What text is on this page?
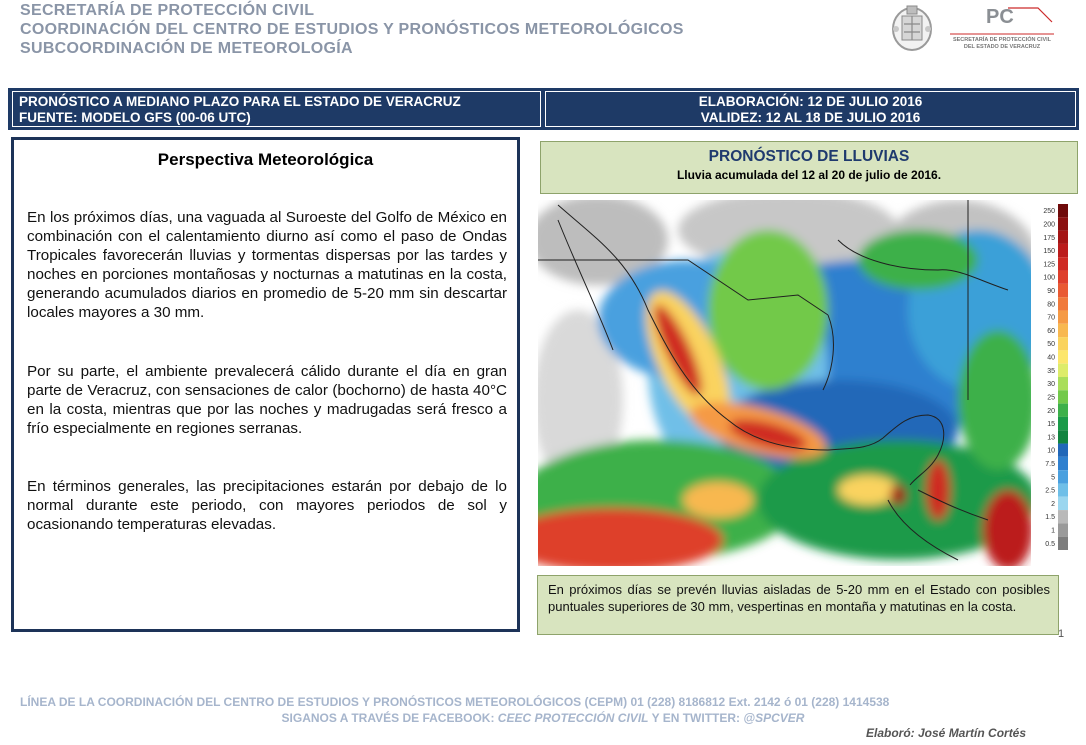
SECRETARÍA DE PROTECCIÓN CIVIL
COORDINACIÓN DEL CENTRO DE ESTUDIOS Y PRONÓSTICOS METEOROLÓGICOS
SUBCOORDINACIÓN DE METEOROLOGÍA
PC
SECRETARÍA DE PROTECCIÓN CIVIL
DEL ESTADO DE VERACRUZ
PRONÓSTICO A MEDIANO PLAZO PARA EL ESTADO DE VERACRUZ
FUENTE: MODELO GFS (00-06 UTC)
ELABORACIÓN: 12 DE JULIO 2016
VALIDEZ: 12 AL 18 DE JULIO 2016
Perspectiva Meteorológica
En los próximos días, una vaguada al Suroeste del Golfo de México en combinación con el calentamiento diurno así como el paso de Ondas Tropicales favorecerán lluvias y tormentas dispersas por las tardes y noches en porciones montañosas y nocturnas a matutinas en la costa, generando acumulados diarios en promedio de 5-20 mm sin descartar locales mayores a 30 mm.
Por su parte, el ambiente prevalecerá cálido durante el día en gran parte de Veracruz, con sensaciones de calor (bochorno) de hasta 40°C en la costa, mientras que por las noches y madrugadas será fresco a frío especialmente en regiones serranas.
En términos generales, las precipitaciones estarán por debajo de lo normal durante este periodo, con mayores periodos de sol y ocasionando temperaturas elevadas.
PRONÓSTICO DE LLUVIAS
Lluvia acumulada del 12 al 20 de julio de 2016.
250
200
175
150
125
100
90
80
70
60
50
40
35
30
25
20
15
13
10
7.5
5
2.5
2
1.5
1
0.5
En próximos días se prevén lluvias aisladas de 5-20 mm en el Estado con posibles puntuales superiores de 30 mm, vespertinas en montaña y matutinas en la costa.
1
LÍNEA DE LA COORDINACIÓN DEL CENTRO DE ESTUDIOS Y PRONÓSTICOS METEOROLÓGICOS (CEPM) 01 (228) 8186812 Ext. 2142 ó 01 (228) 1414538
SIGANOS A TRAVÉS DE FACEBOOK: CEEC PROTECCIÓN CIVIL Y EN TWITTER: @SPCVER
Elaboró: José Martín Cortés
